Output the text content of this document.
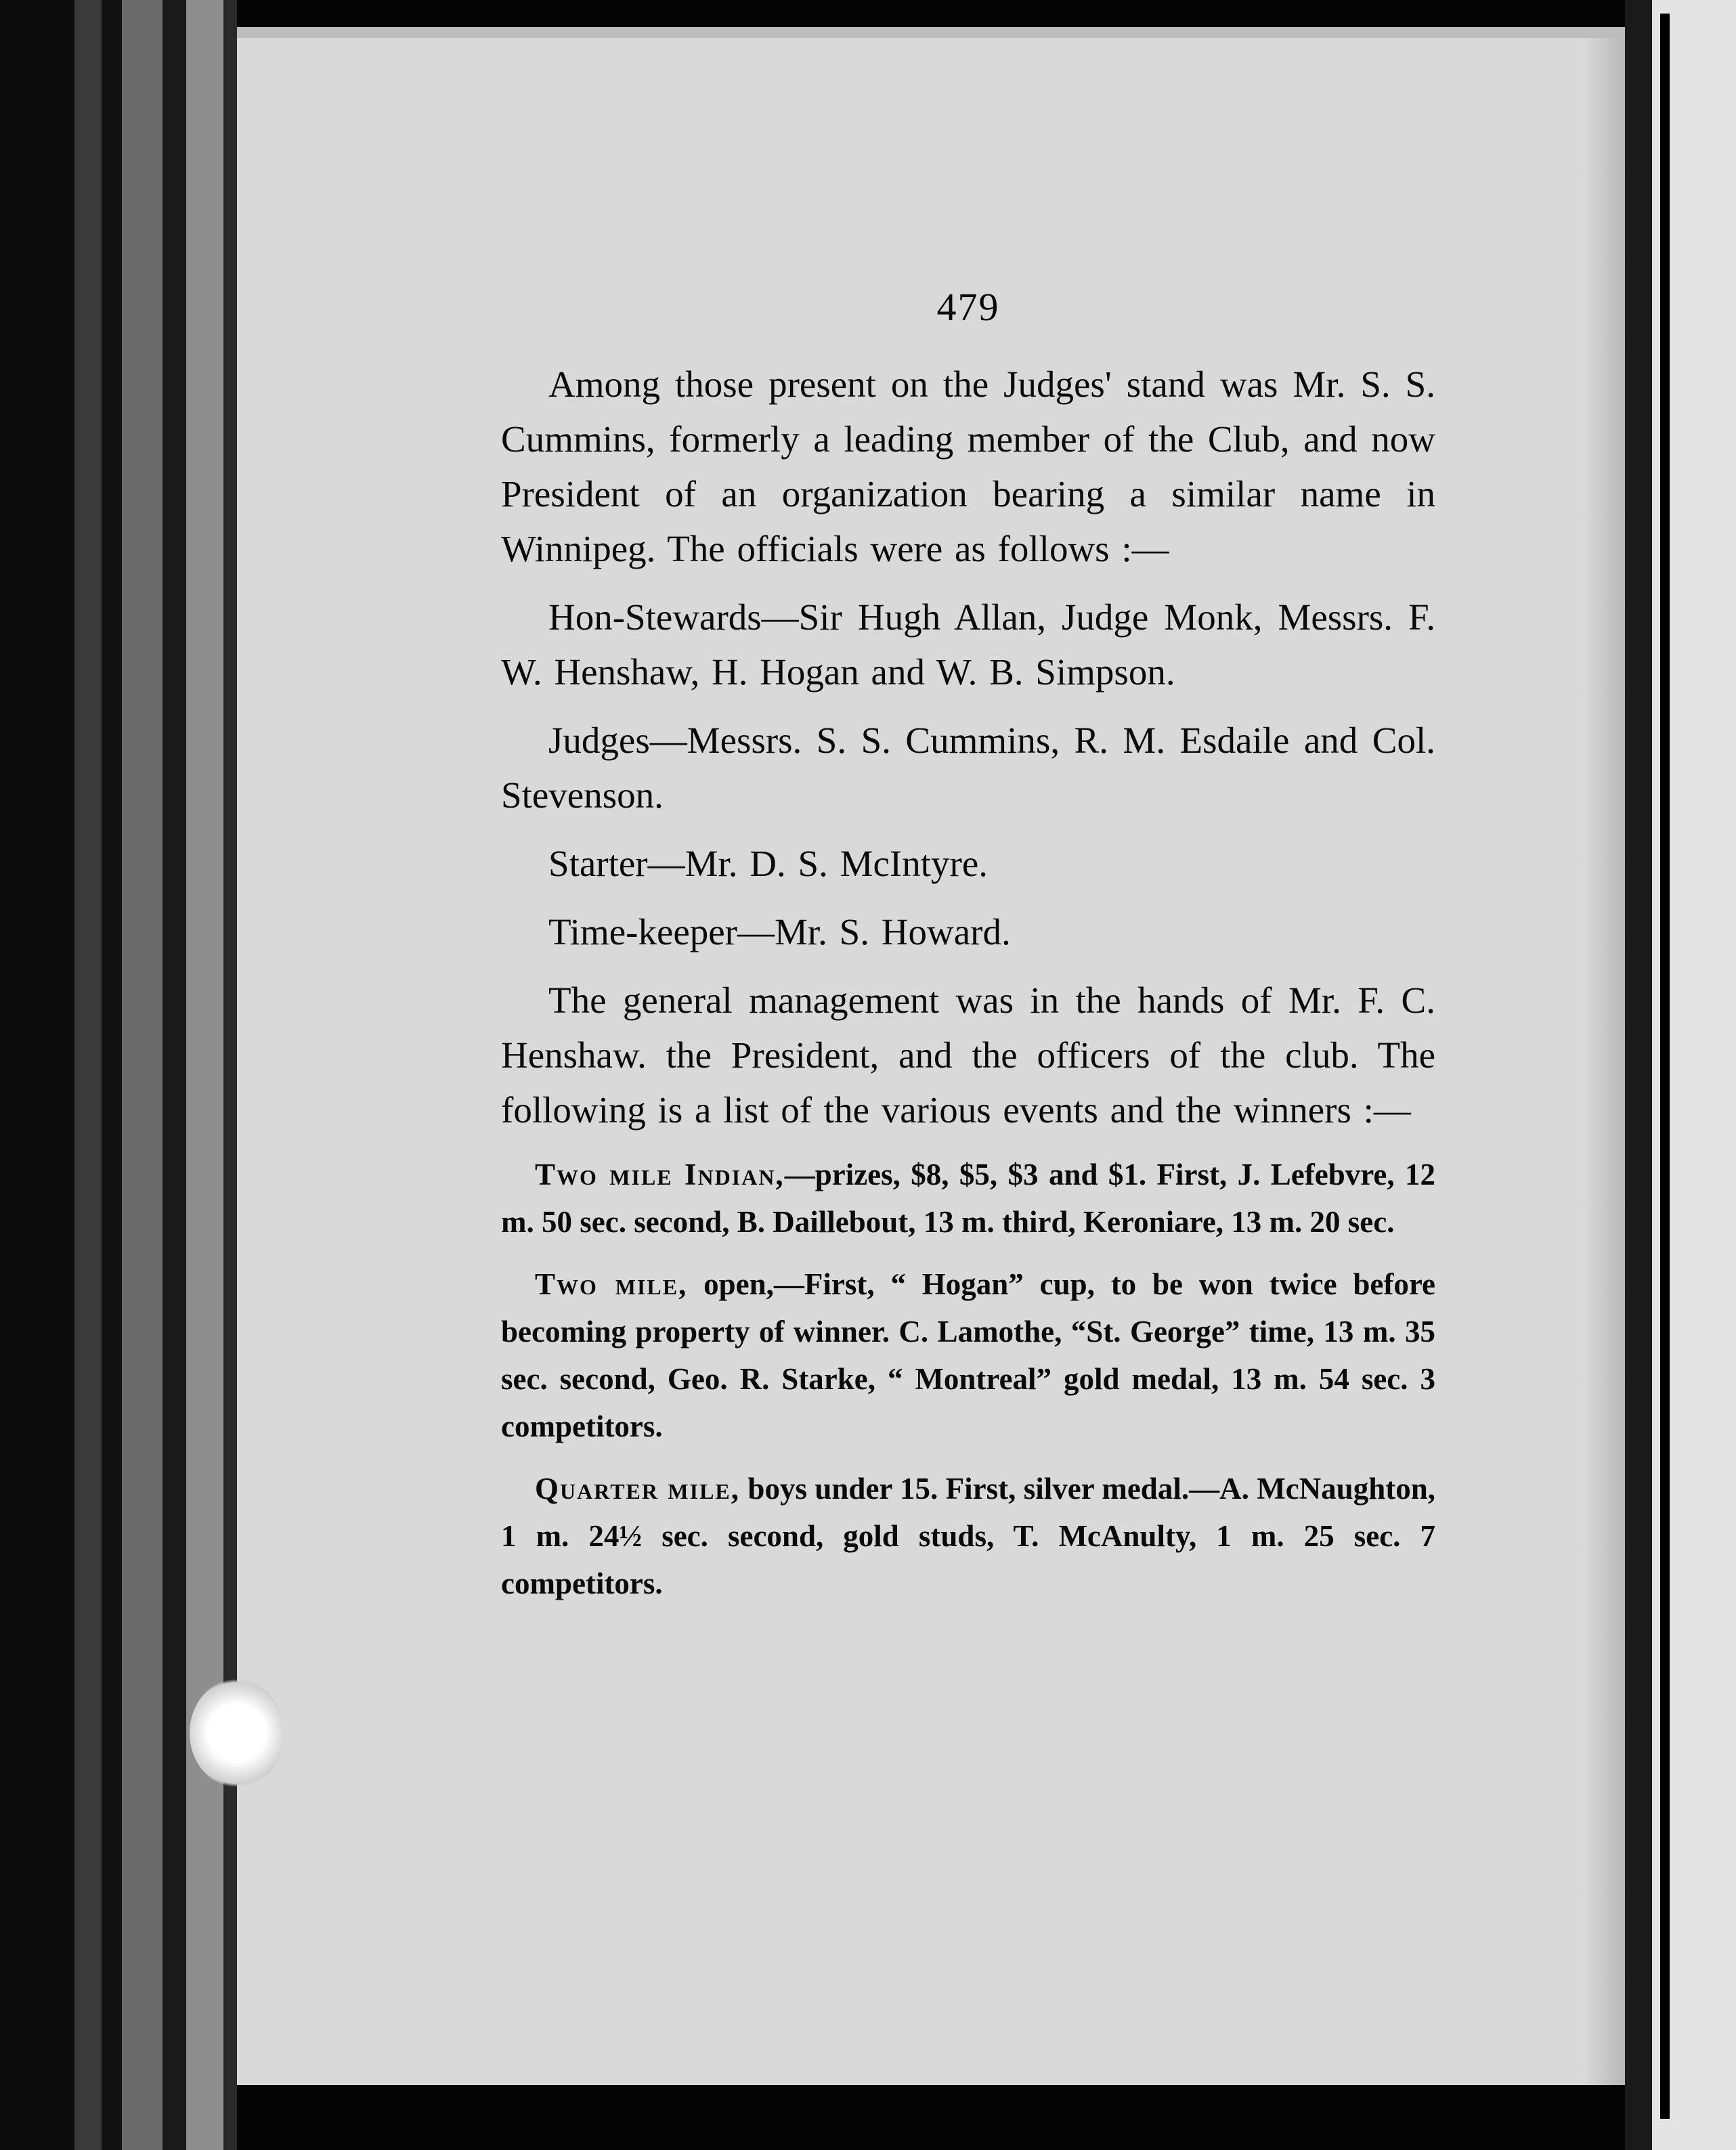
479

Among those present on the Judges' stand was Mr. S. S. Cummins, formerly a leading member of the Club, and now President of an organization bearing a similar name in Winnipeg. The officials were as follows :—

Hon-Stewards—Sir Hugh Allan, Judge Monk, Messrs. F. W. Henshaw, H. Hogan and W. B. Simpson.

Judges—Messrs. S. S. Cummins, R. M. Esdaile and Col. Stevenson.

Starter—Mr. D. S. McIntyre.

Time-keeper—Mr. S. Howard.

The general management was in the hands of Mr. F. C. Henshaw. the President, and the officers of the club. The following is a list of the various events and the winners :—

Two mile Indian,—prizes, $8, $5, $3 and $1. First, J. Lefebvre, 12 m. 50 sec. second, B. Daillebout, 13 m. third, Keroniare, 13 m. 20 sec.

Two mile, open,—First, “ Hogan” cup, to be won twice before becoming property of winner. C. Lamothe, “St. George” time, 13 m. 35 sec. second, Geo. R. Starke, “ Montreal” gold medal, 13 m. 54 sec. 3 competitors.

Quarter mile, boys under 15. First, silver medal.—A. McNaughton, 1 m. 24½ sec. second, gold studs, T. McAnulty, 1 m. 25 sec. 7 competitors.
